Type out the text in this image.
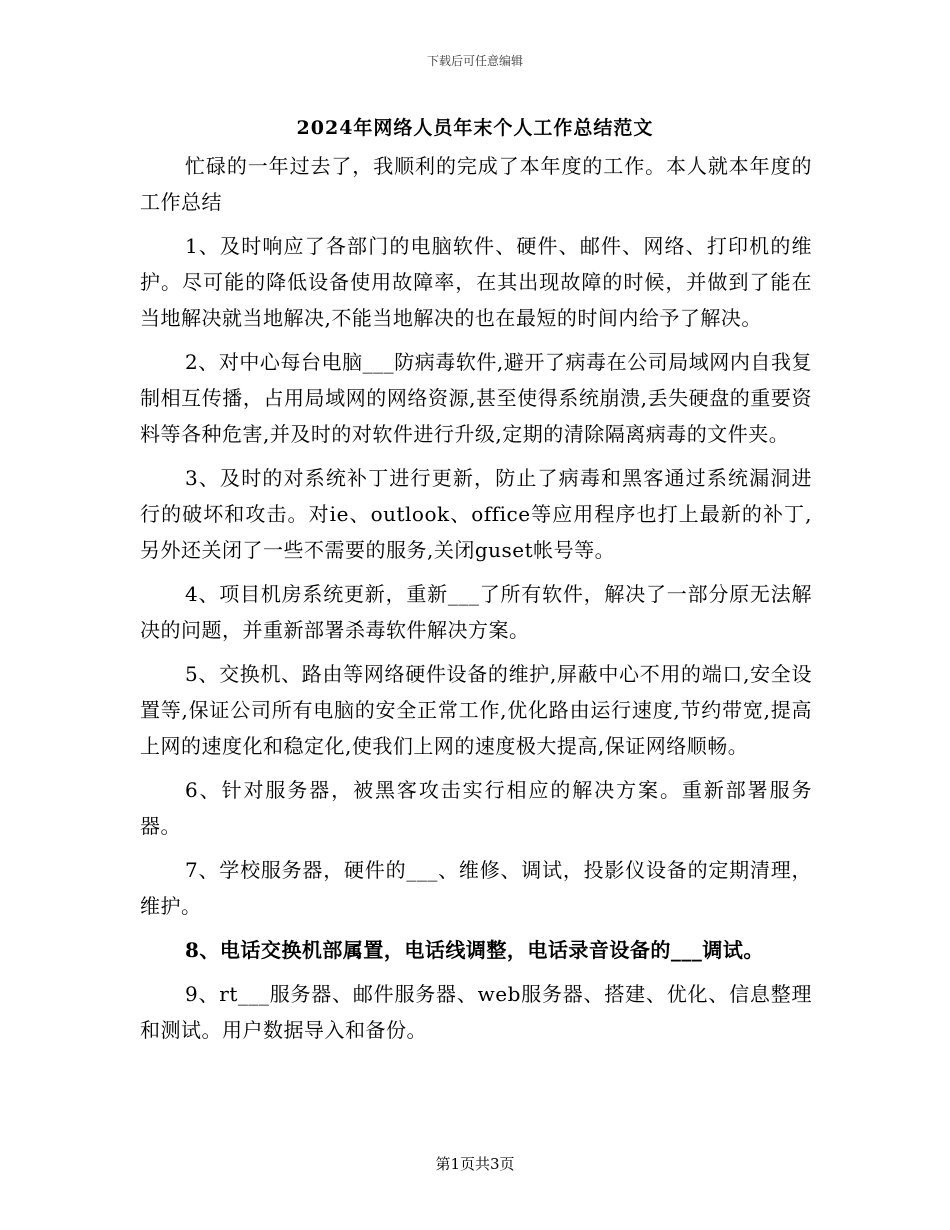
下载后可任意编辑
2024年网络人员年末个人工作总结范文

忙碌的一年过去了，我顺利的完成了本年度的工作。本人就本年度的工作总结

1、及时响应了各部门的电脑软件、硬件、邮件、网络、打印机的维护。尽可能的降低设备使用故障率，在其出现故障的时候，并做到了能在当地解决就当地解决,不能当地解决的也在最短的时间内给予了解决。

2、对中心每台电脑___防病毒软件,避开了病毒在公司局域网内自我复制相互传播，占用局域网的网络资源,甚至使得系统崩溃,丢失硬盘的重要资料等各种危害,并及时的对软件进行升级,定期的清除隔离病毒的文件夹。

3、及时的对系统补丁进行更新，防止了病毒和黑客通过系统漏洞进行的破坏和攻击。对ie、outlook、office等应用程序也打上最新的补丁,另外还关闭了一些不需要的服务,关闭guset帐号等。

4、项目机房系统更新，重新___了所有软件，解决了一部分原无法解决的问题，并重新部署杀毒软件解决方案。

5、交换机、路由等网络硬件设备的维护,屏蔽中心不用的端口,安全设置等,保证公司所有电脑的安全正常工作,优化路由运行速度,节约带宽,提高上网的速度化和稳定化,使我们上网的速度极大提高,保证网络顺畅。

6、针对服务器，被黑客攻击实行相应的解决方案。重新部署服务器。

7、学校服务器，硬件的___、维修、调试，投影仪设备的定期清理，维护。

8、电话交换机部属置，电话线调整，电话录音设备的___调试。

9、rt___服务器、邮件服务器、web服务器、搭建、优化、信息整理和测试。用户数据导入和备份。

第1页共3页
